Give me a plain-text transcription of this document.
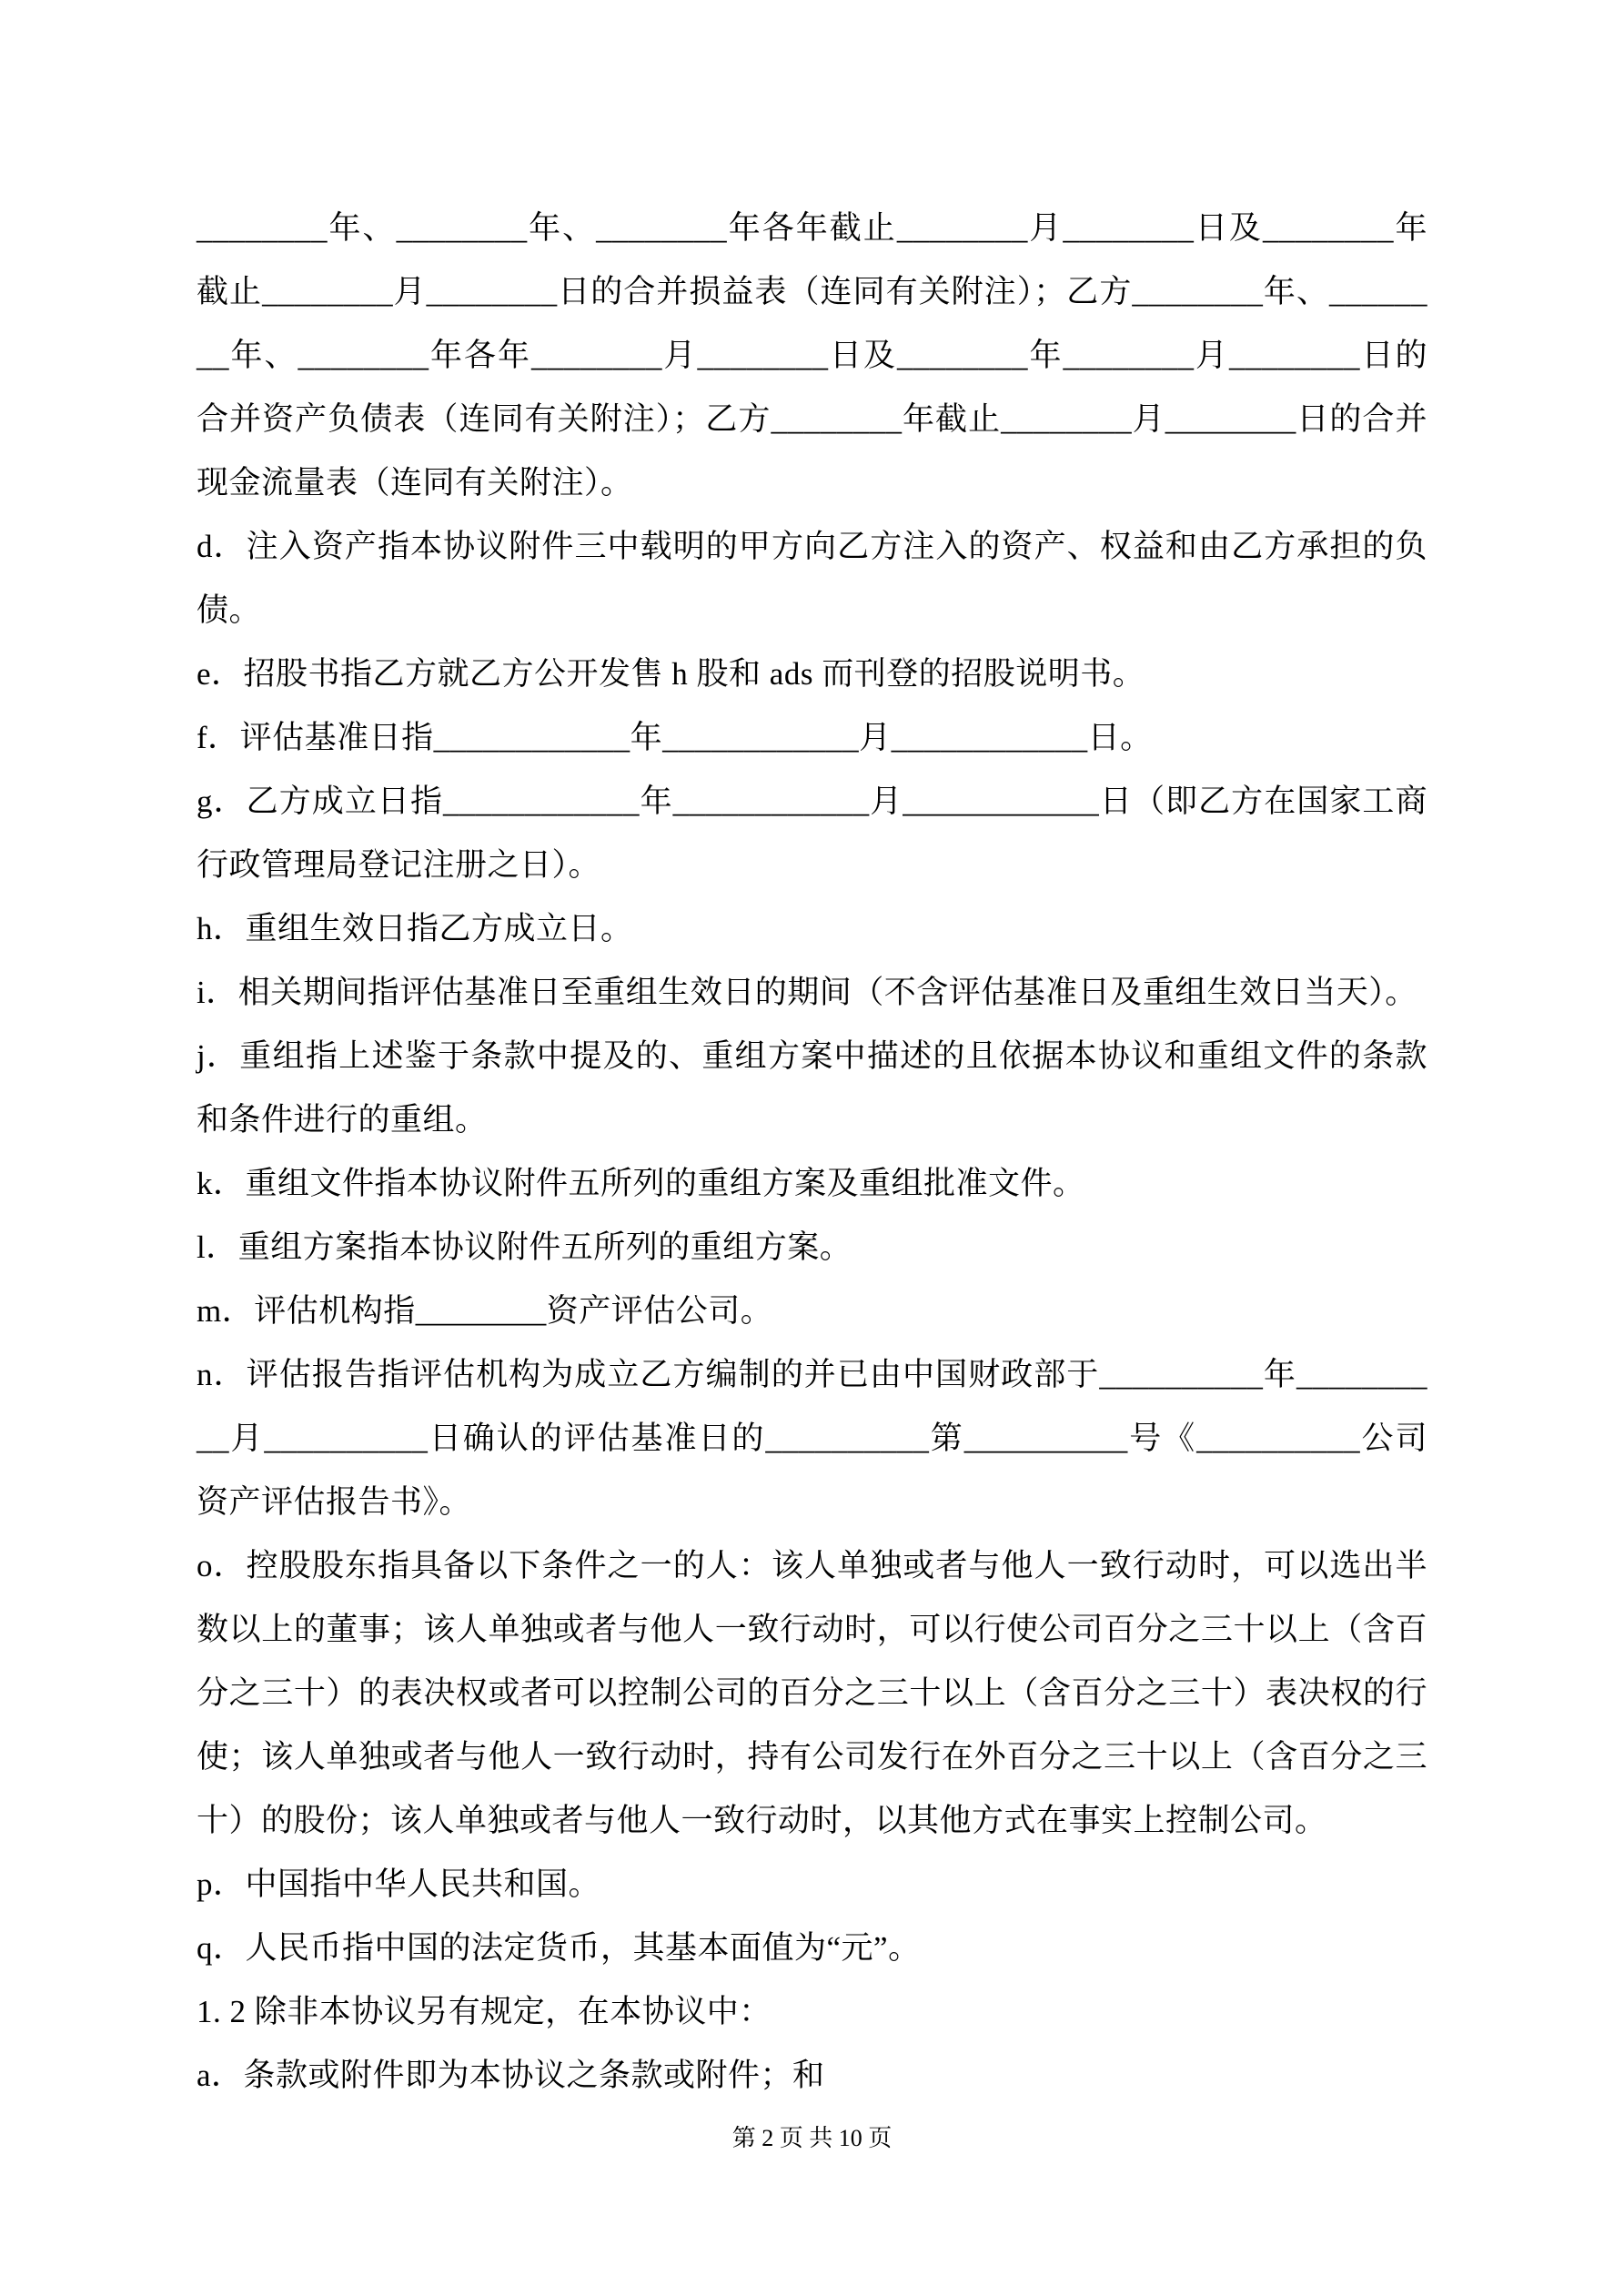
________年、________年、________年各年截止________月________日及________年截止________月________日的合并损益表（连同有关附注）；乙方________年、________年、________年各年________月________日及________年________月________日的合并资产负债表（连同有关附注）；乙方________年截止________月________日的合并现金流量表（连同有关附注）。

d．注入资产指本协议附件三中载明的甲方向乙方注入的资产、权益和由乙方承担的负债。

e．招股书指乙方就乙方公开发售 h 股和 ads 而刊登的招股说明书。

f．评估基准日指____________年____________月____________日。

g．乙方成立日指____________年____________月____________日（即乙方在国家工商行政管理局登记注册之日）。

h．重组生效日指乙方成立日。

i．相关期间指评估基准日至重组生效日的期间（不含评估基准日及重组生效日当天）。

j．重组指上述鉴于条款中提及的、重组方案中描述的且依据本协议和重组文件的条款和条件进行的重组。

k．重组文件指本协议附件五所列的重组方案及重组批准文件。

l．重组方案指本协议附件五所列的重组方案。

m．评估机构指________资产评估公司。

n．评估报告指评估机构为成立乙方编制的并已由中国财政部于__________年__________月__________日确认的评估基准日的__________第__________号《__________公司资产评估报告书》。

o．控股股东指具备以下条件之一的人：该人单独或者与他人一致行动时，可以选出半数以上的董事；该人单独或者与他人一致行动时，可以行使公司百分之三十以上（含百分之三十）的表决权或者可以控制公司的百分之三十以上（含百分之三十）表决权的行使；该人单独或者与他人一致行动时，持有公司发行在外百分之三十以上（含百分之三十）的股份；该人单独或者与他人一致行动时，以其他方式在事实上控制公司。

p．中国指中华人民共和国。

q．人民币指中国的法定货币，其基本面值为“元”。

1. 2 除非本协议另有规定，在本协议中：

a．条款或附件即为本协议之条款或附件；和

第 2 页 共 10 页
